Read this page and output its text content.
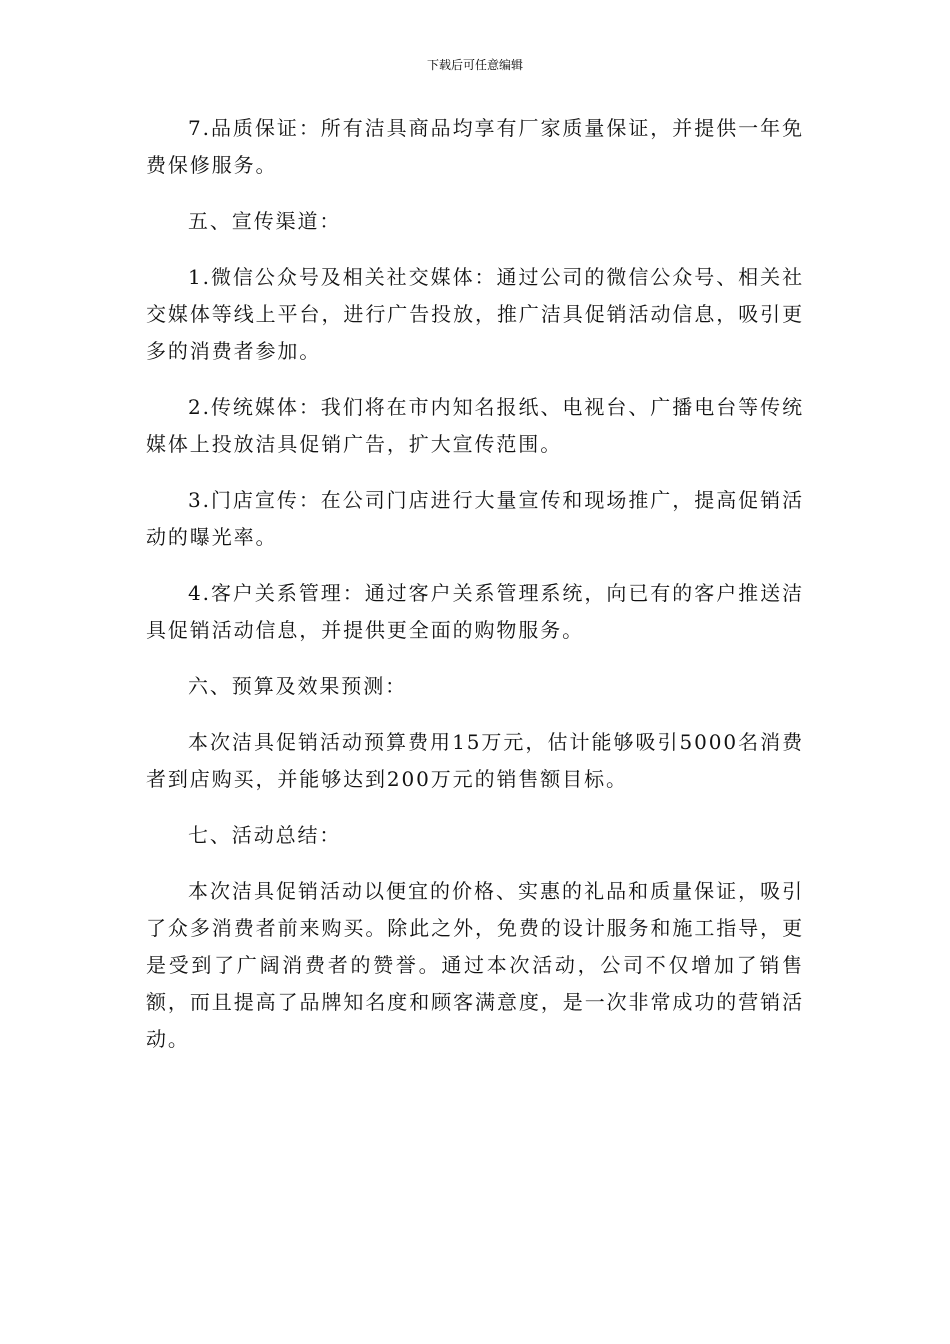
下载后可任意编辑

7.品质保证：所有洁具商品均享有厂家质量保证，并提供一年免费保修服务。

五、宣传渠道：

1.微信公众号及相关社交媒体：通过公司的微信公众号、相关社交媒体等线上平台，进行广告投放，推广洁具促销活动信息，吸引更多的消费者参加。

2.传统媒体：我们将在市内知名报纸、电视台、广播电台等传统媒体上投放洁具促销广告，扩大宣传范围。

3.门店宣传：在公司门店进行大量宣传和现场推广，提高促销活动的曝光率。

4.客户关系管理：通过客户关系管理系统，向已有的客户推送洁具促销活动信息，并提供更全面的购物服务。

六、预算及效果预测：

本次洁具促销活动预算费用15万元，估计能够吸引5000名消费者到店购买，并能够达到200万元的销售额目标。

七、活动总结：

本次洁具促销活动以便宜的价格、实惠的礼品和质量保证，吸引了众多消费者前来购买。除此之外，免费的设计服务和施工指导，更是受到了广阔消费者的赞誉。通过本次活动，公司不仅增加了销售额，而且提高了品牌知名度和顾客满意度，是一次非常成功的营销活动。
